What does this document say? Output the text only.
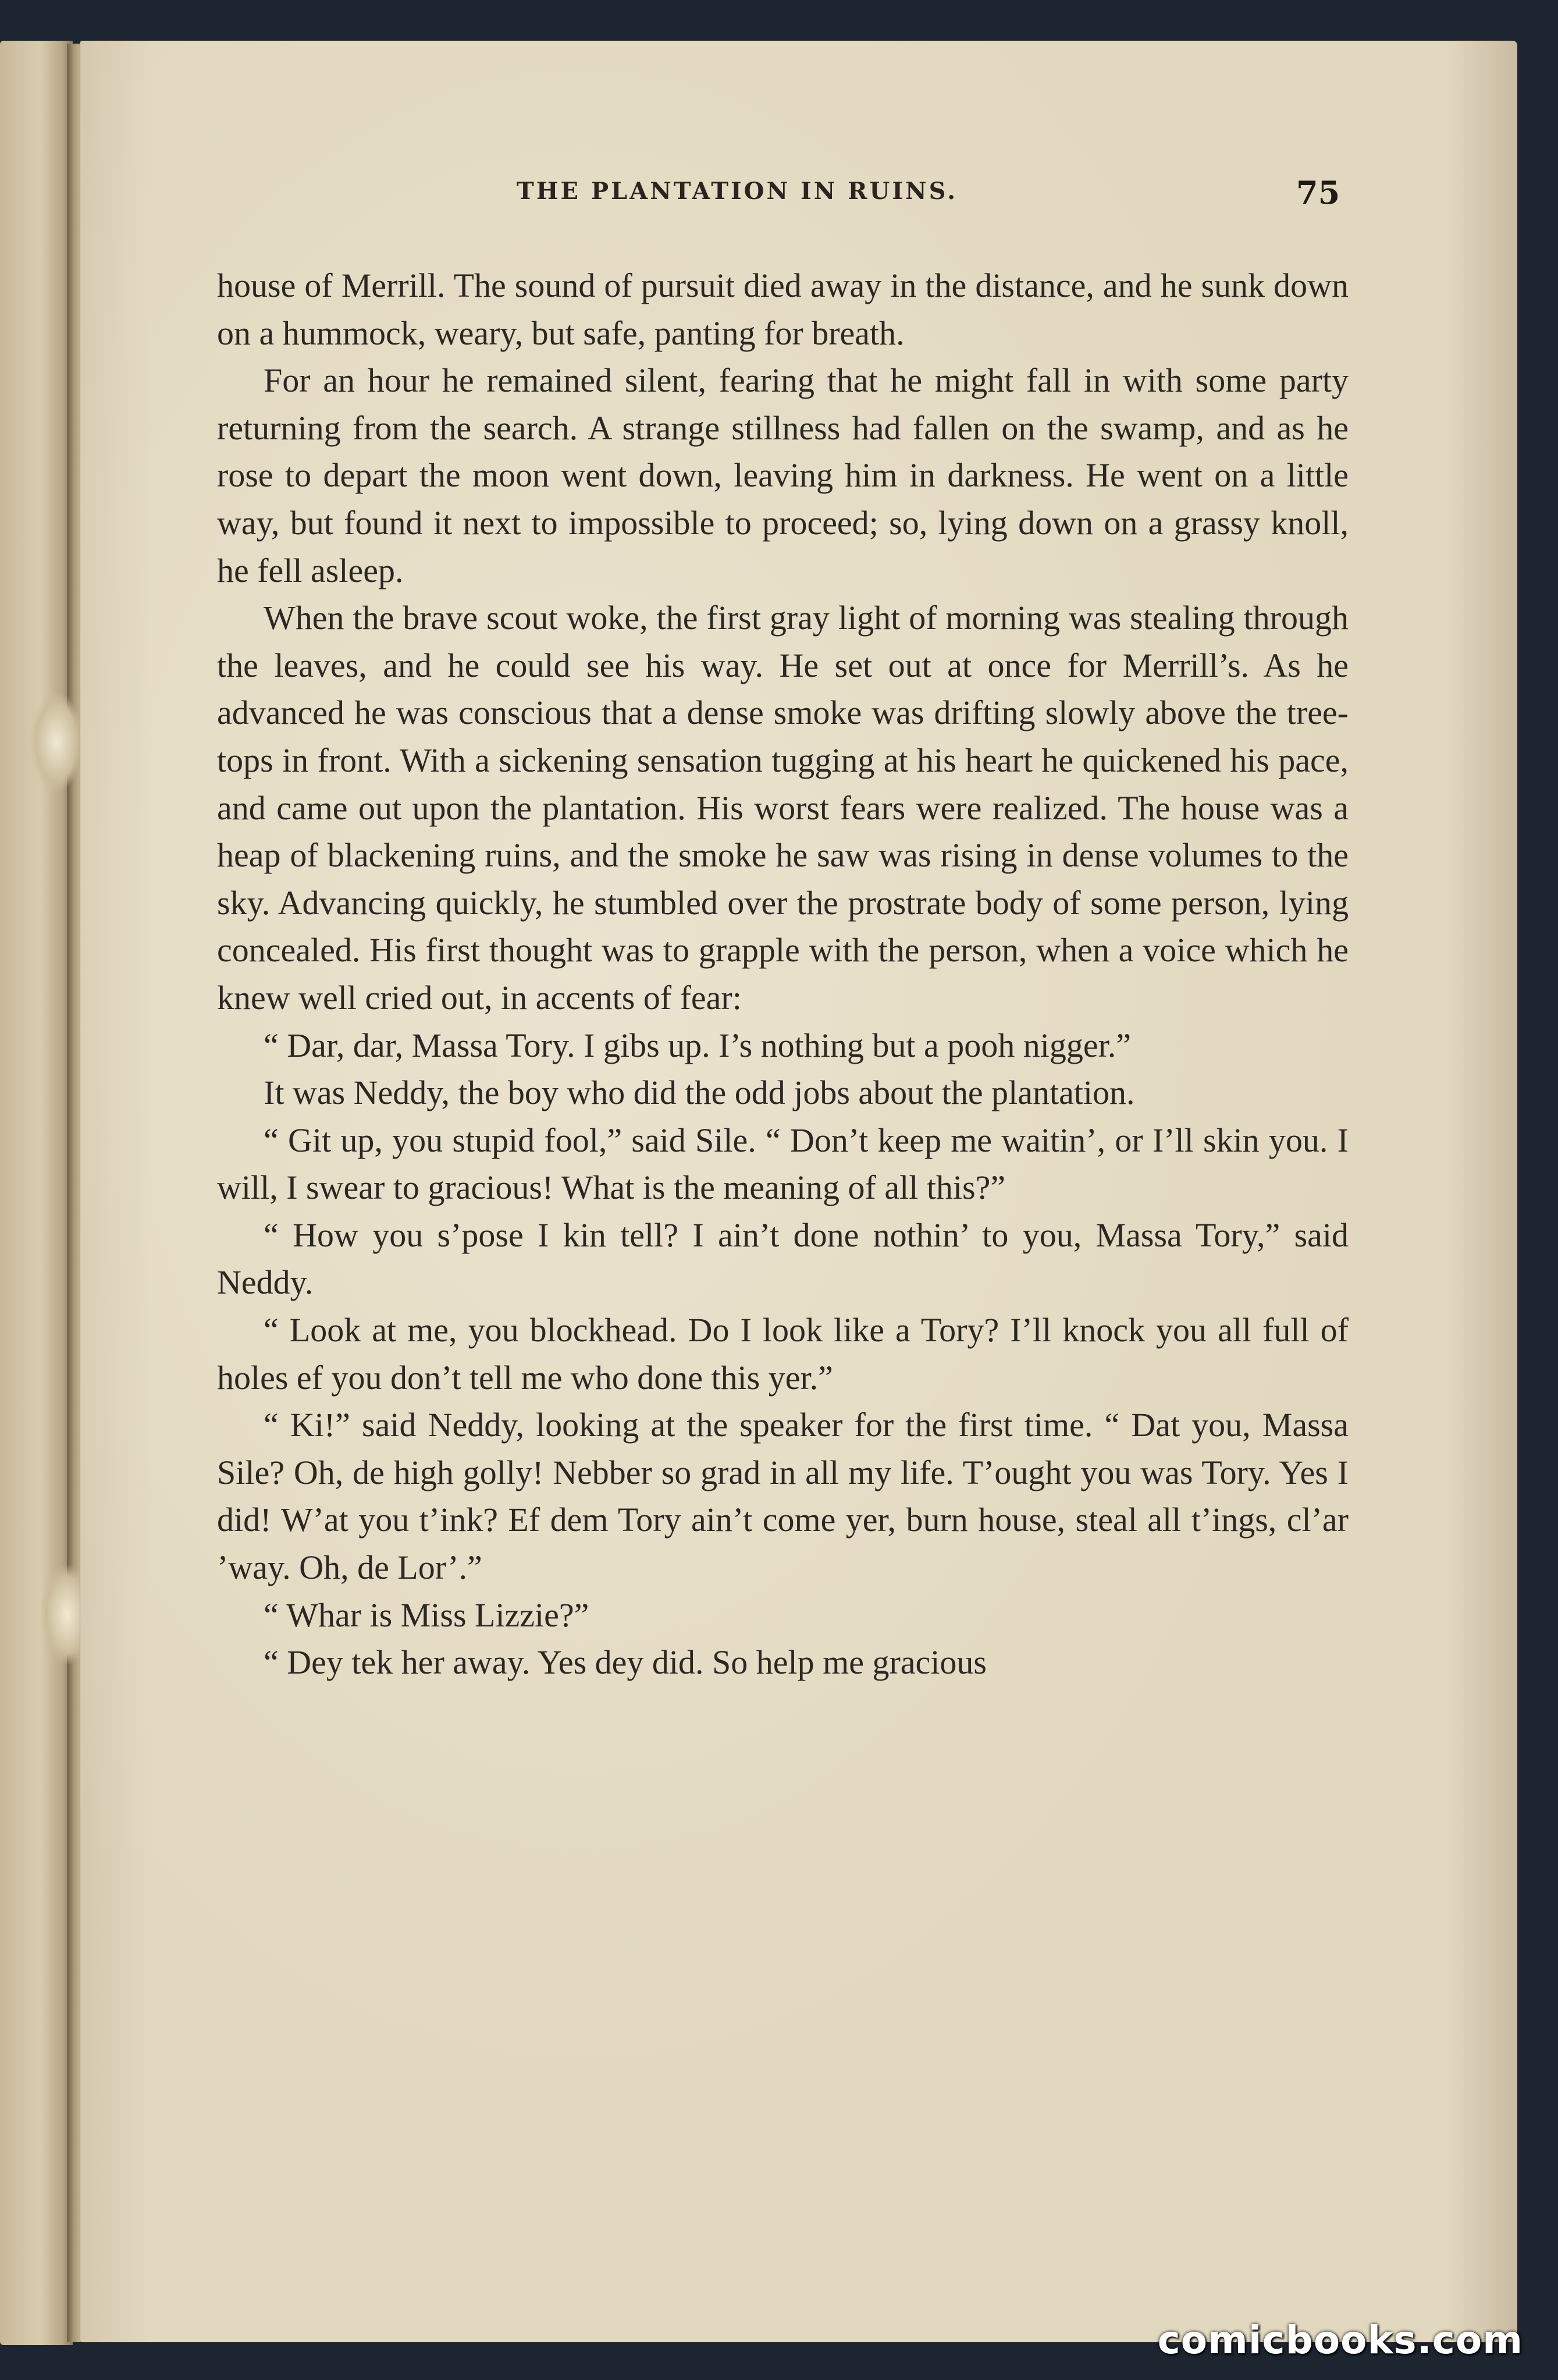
THE PLANTATION IN RUINS.	75

house of Merrill. The sound of pursuit died away in the distance, and he sunk down on a hummock, weary, but safe, panting for breath.

For an hour he remained silent, fearing that he might fall in with some party returning from the search. A strange stillness had fallen on the swamp, and as he rose to depart the moon went down, leaving him in darkness. He went on a little way, but found it next to impossible to proceed; so, lying down on a grassy knoll, he fell asleep.

When the brave scout woke, the first gray light of morning was stealing through the leaves, and he could see his way. He set out at once for Merrill’s. As he advanced he was conscious that a dense smoke was drifting slowly above the tree-tops in front. With a sickening sensation tugging at his heart he quickened his pace, and came out upon the plantation. His worst fears were realized. The house was a heap of blackening ruins, and the smoke he saw was rising in dense volumes to the sky. Advancing quickly, he stumbled over the prostrate body of some person, lying concealed. His first thought was to grapple with the person, when a voice which he knew well cried out, in accents of fear:

“ Dar, dar, Massa Tory. I gibs up. I’s nothing but a pooh nigger.”

It was Neddy, the boy who did the odd jobs about the plantation.

“ Git up, you stupid fool,” said Sile. “ Don’t keep me waitin’, or I’ll skin you. I will, I swear to gracious! What is the meaning of all this?”

“ How you s’pose I kin tell? I ain’t done nothin’ to you, Massa Tory,” said Neddy.

“ Look at me, you blockhead. Do I look like a Tory? I’ll knock you all full of holes ef you don’t tell me who done this yer.”

“ Ki!” said Neddy, looking at the speaker for the first time. “ Dat you, Massa Sile? Oh, de high golly! Nebber so grad in all my life. T’ought you was Tory. Yes I did! W’at you t’ink? Ef dem Tory ain’t come yer, burn house, steal all t’ings, cl’ar ’way. Oh, de Lor’.”

“ Whar is Miss Lizzie?”

“ Dey tek her away. Yes dey did. So help me gracious

comicbooks.com
